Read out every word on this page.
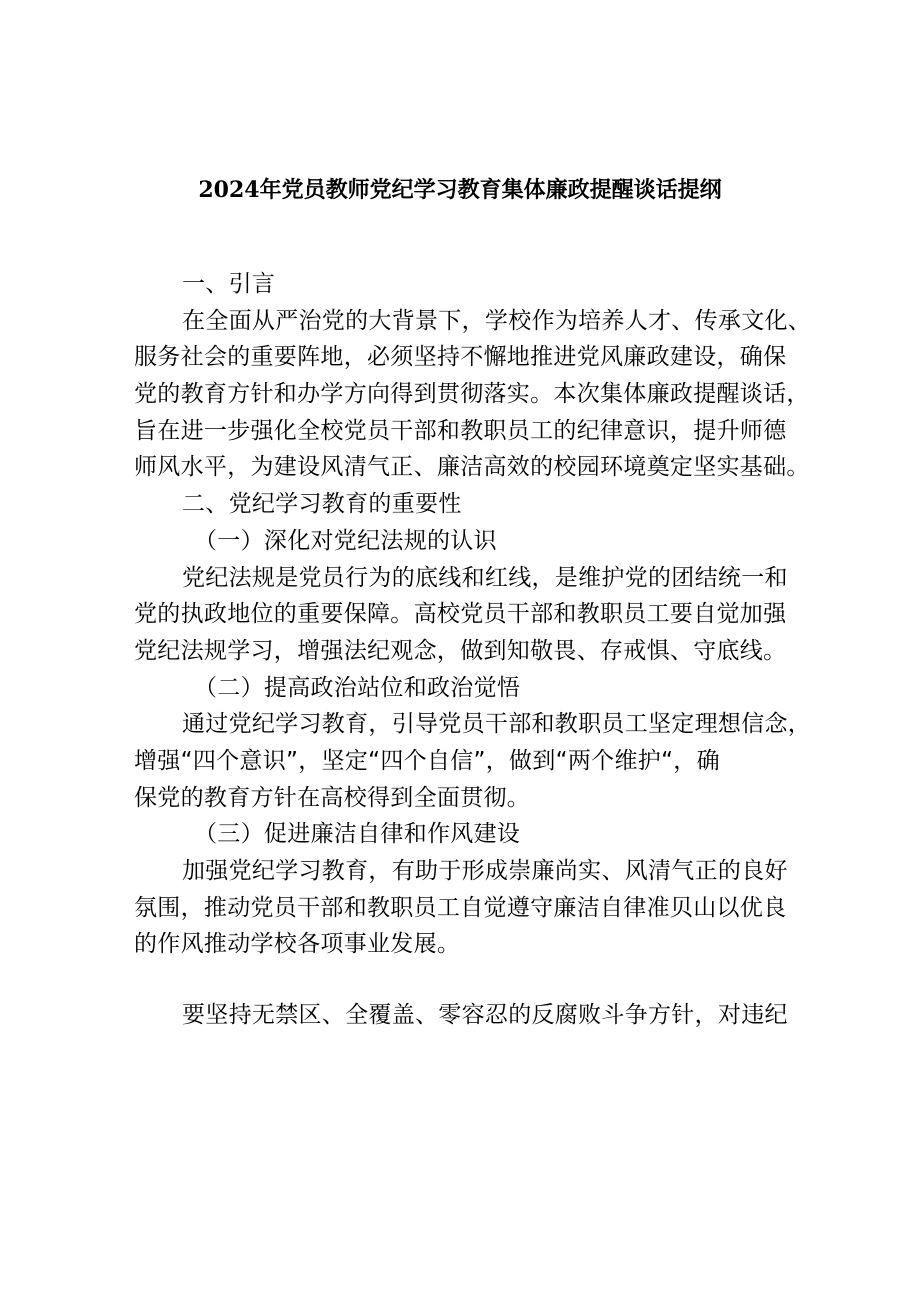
2024年党员教师党纪学习教育集体廉政提醒谈话提纲
一、引言
在全面从严治党的大背景下，学校作为培养人才、传承文化、
服务社会的重要阵地，必须坚持不懈地推进党风廉政建设，确保
党的教育方针和办学方向得到贯彻落实。本次集体廉政提醒谈话，
旨在进一步强化全校党员干部和教职员工的纪律意识，提升师德
师风水平，为建设风清气正、廉洁高效的校园环境奠定坚实基础。
二、党纪学习教育的重要性
（一）深化对党纪法规的认识
党纪法规是党员行为的底线和红线，是维护党的团结统一和
党的执政地位的重要保障。高校党员干部和教职员工要自觉加强
党纪法规学习，增强法纪观念，做到知敬畏、存戒惧、守底线。
（二）提高政治站位和政治觉悟
通过党纪学习教育，引导党员干部和教职员工坚定理想信念，
增强“四个意识”，坚定“四个自信”，做到“两个维护“，确
保党的教育方针在高校得到全面贯彻。
（三）促进廉洁自律和作风建设
加强党纪学习教育，有助于形成崇廉尚实、风清气正的良好
氛围，推动党员干部和教职员工自觉遵守廉洁自律准贝山以优良
的作风推动学校各项事业发展。
要坚持无禁区、全覆盖、零容忍的反腐败斗争方针，对违纪
